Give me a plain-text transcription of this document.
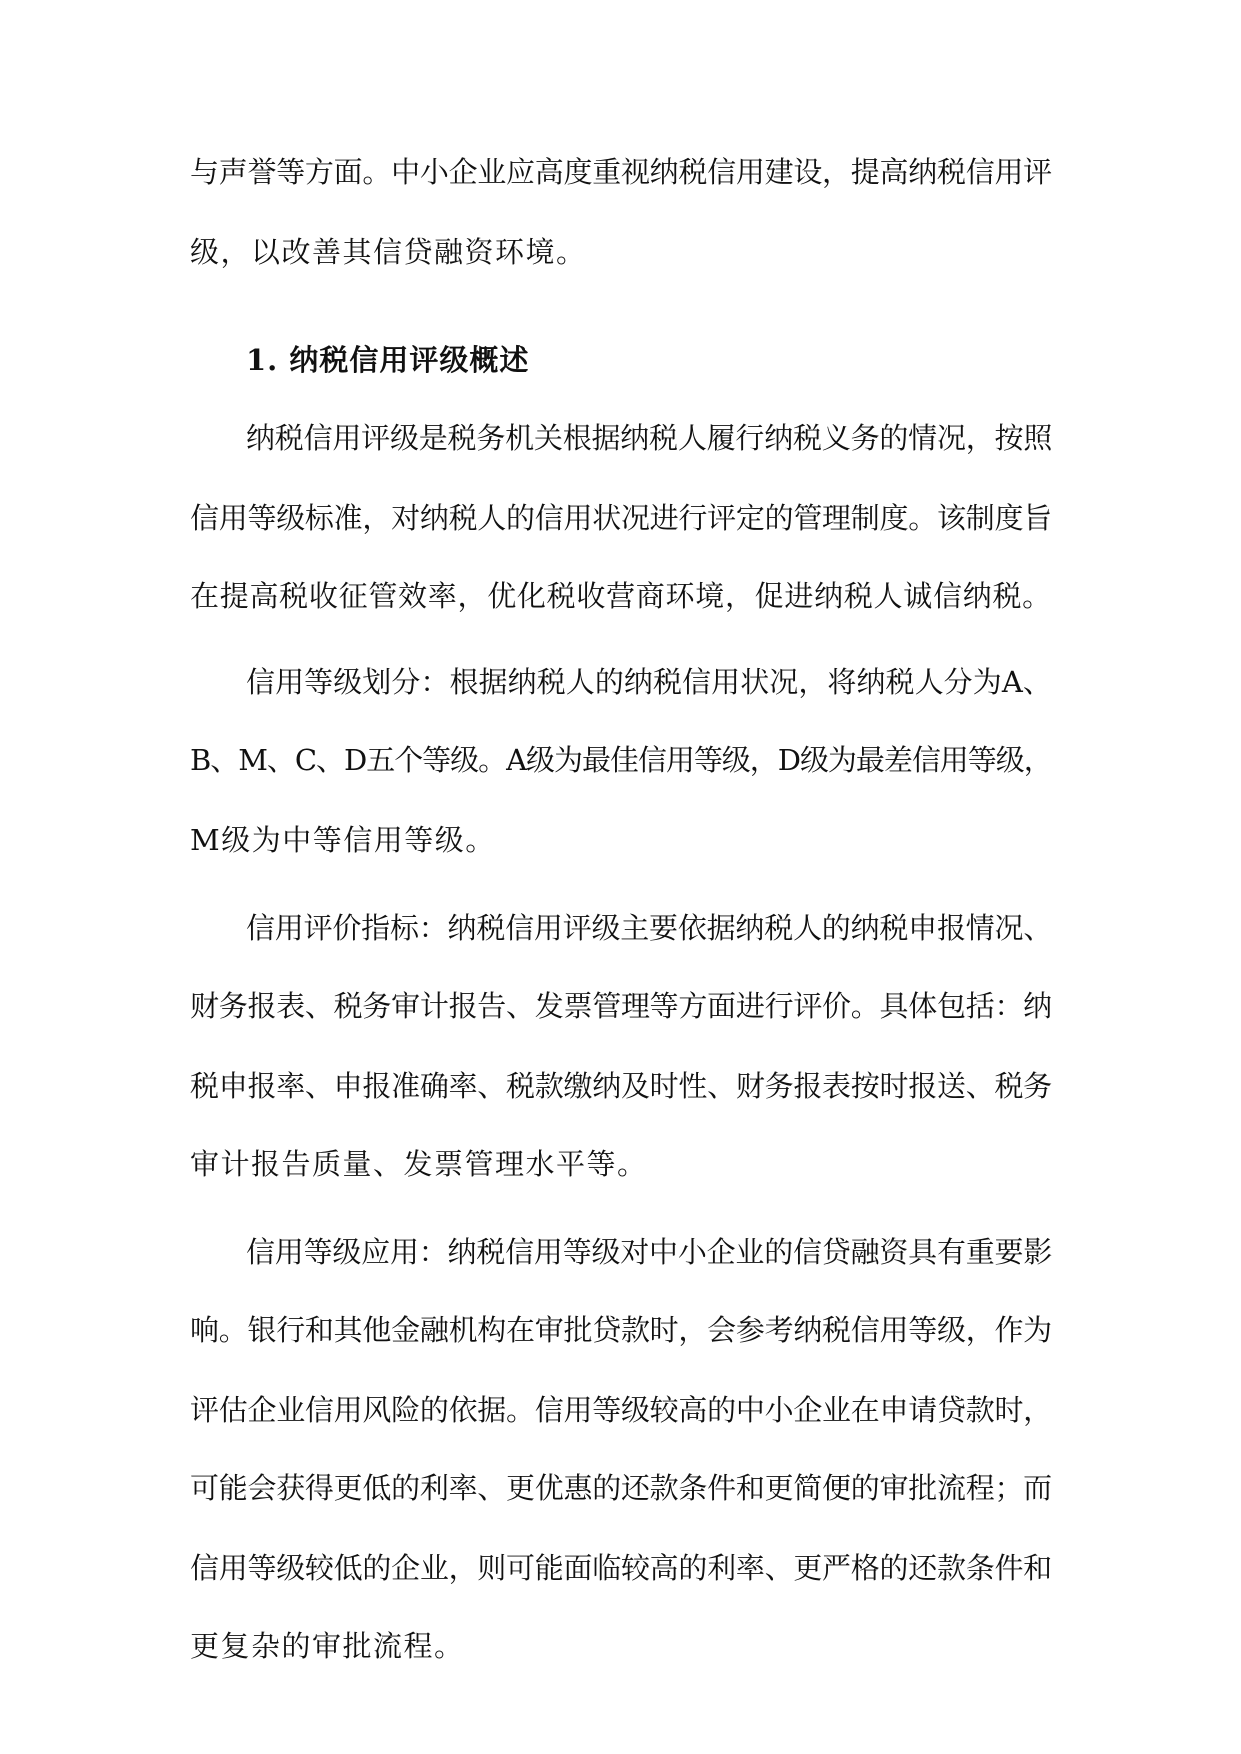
与声誉等方面。中小企业应高度重视纳税信用建设，提高纳税信用评
级，以改善其信贷融资环境。
1. 纳税信用评级概述
纳税信用评级是税务机关根据纳税人履行纳税义务的情况，按照
信用等级标准，对纳税人的信用状况进行评定的管理制度。该制度旨
在提高税收征管效率，优化税收营商环境，促进纳税人诚信纳税。
信用等级划分：根据纳税人的纳税信用状况，将纳税人分为A、
B、M、C、D五个等级。A级为最佳信用等级，D级为最差信用等级，
M级为中等信用等级。
信用评价指标：纳税信用评级主要依据纳税人的纳税申报情况、
财务报表、税务审计报告、发票管理等方面进行评价。具体包括：纳
税申报率、申报准确率、税款缴纳及时性、财务报表按时报送、税务
审计报告质量、发票管理水平等。
信用等级应用：纳税信用等级对中小企业的信贷融资具有重要影
响。银行和其他金融机构在审批贷款时，会参考纳税信用等级，作为
评估企业信用风险的依据。信用等级较高的中小企业在申请贷款时，
可能会获得更低的利率、更优惠的还款条件和更简便的审批流程；而
信用等级较低的企业，则可能面临较高的利率、更严格的还款条件和
更复杂的审批流程。
